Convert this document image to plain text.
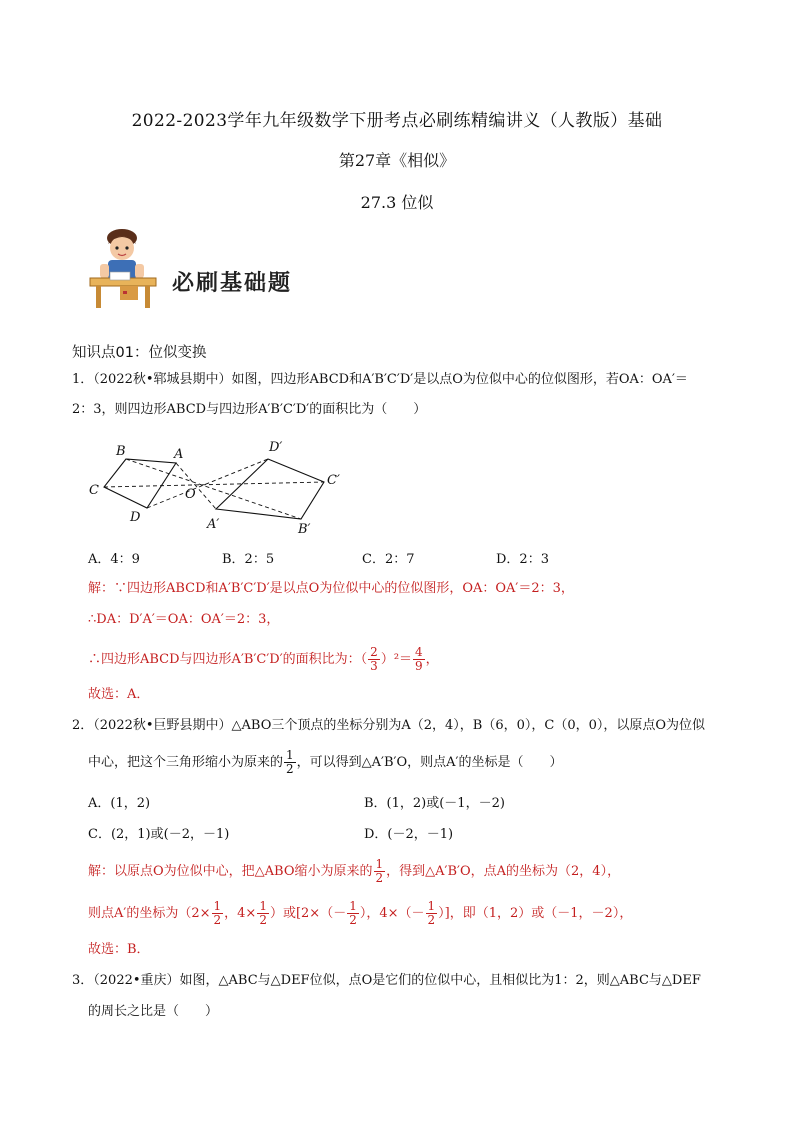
2022-2023学年九年级数学下册考点必刷练精编讲义（人教版）基础
第27章《相似》
27.3 位似
必刷基础题
知识点01：位似变换
1．（2022秋•郓城县期中）如图，四边形ABCD和A′B′C′D′是以点O为位似中心的位似图形，若OA：OA′＝
2：3，则四边形ABCD与四边形A′B′C′D′的面积比为（　　）
B	A
C
D
O
D′
C′
A′	B′
A．4：9	B．2：5	C．2：7	D．2：3
解：∵四边形ABCD和A′B′C′D′是以点O为位似中心的位似图形，OA：OA′＝2：3，
∴DA：D′A′＝OA：OA′＝2：3，
∴四边形ABCD与四边形A′B′C′D′的面积比为：（ $\frac{2}{3} )^2= \frac{4}{9}$ ，
故选：A．
2．（2022秋•巨野县期中）△ABO三个顶点的坐标分别为A（2，4），B（6，0），C（0，0），以原点O为位似
中心，把这个三角形缩小为原来的 $\frac{1}{2}$ ，可以得到△A′B′O，则点A′的坐标是（　　）
A．(1，2)	B．(1，2)或(－1，－2)
C．(2，1)或(－2，－1)	D．(－2，－1)
解：以原点O为位似中心，把△ABO缩小为原来的 $\frac{1}{2}$ ，得到△A′B′O，点A的坐标为（2，4），
则点A′的坐标为（$2\times \frac{1}{2}$ ，$4\times \frac{1}{2}$ ）或[$2\times(- \frac{1}{2}$ ），$4\times(- \frac{1}{2}$ ）]，即（1，2）或（－1，－2），
故选：B．
3．（2022•重庆）如图，△ABC与△DEF位似，点O是它们的位似中心，且相似比为1：2，则△ABC与△DEF
的周长之比是（　　）
